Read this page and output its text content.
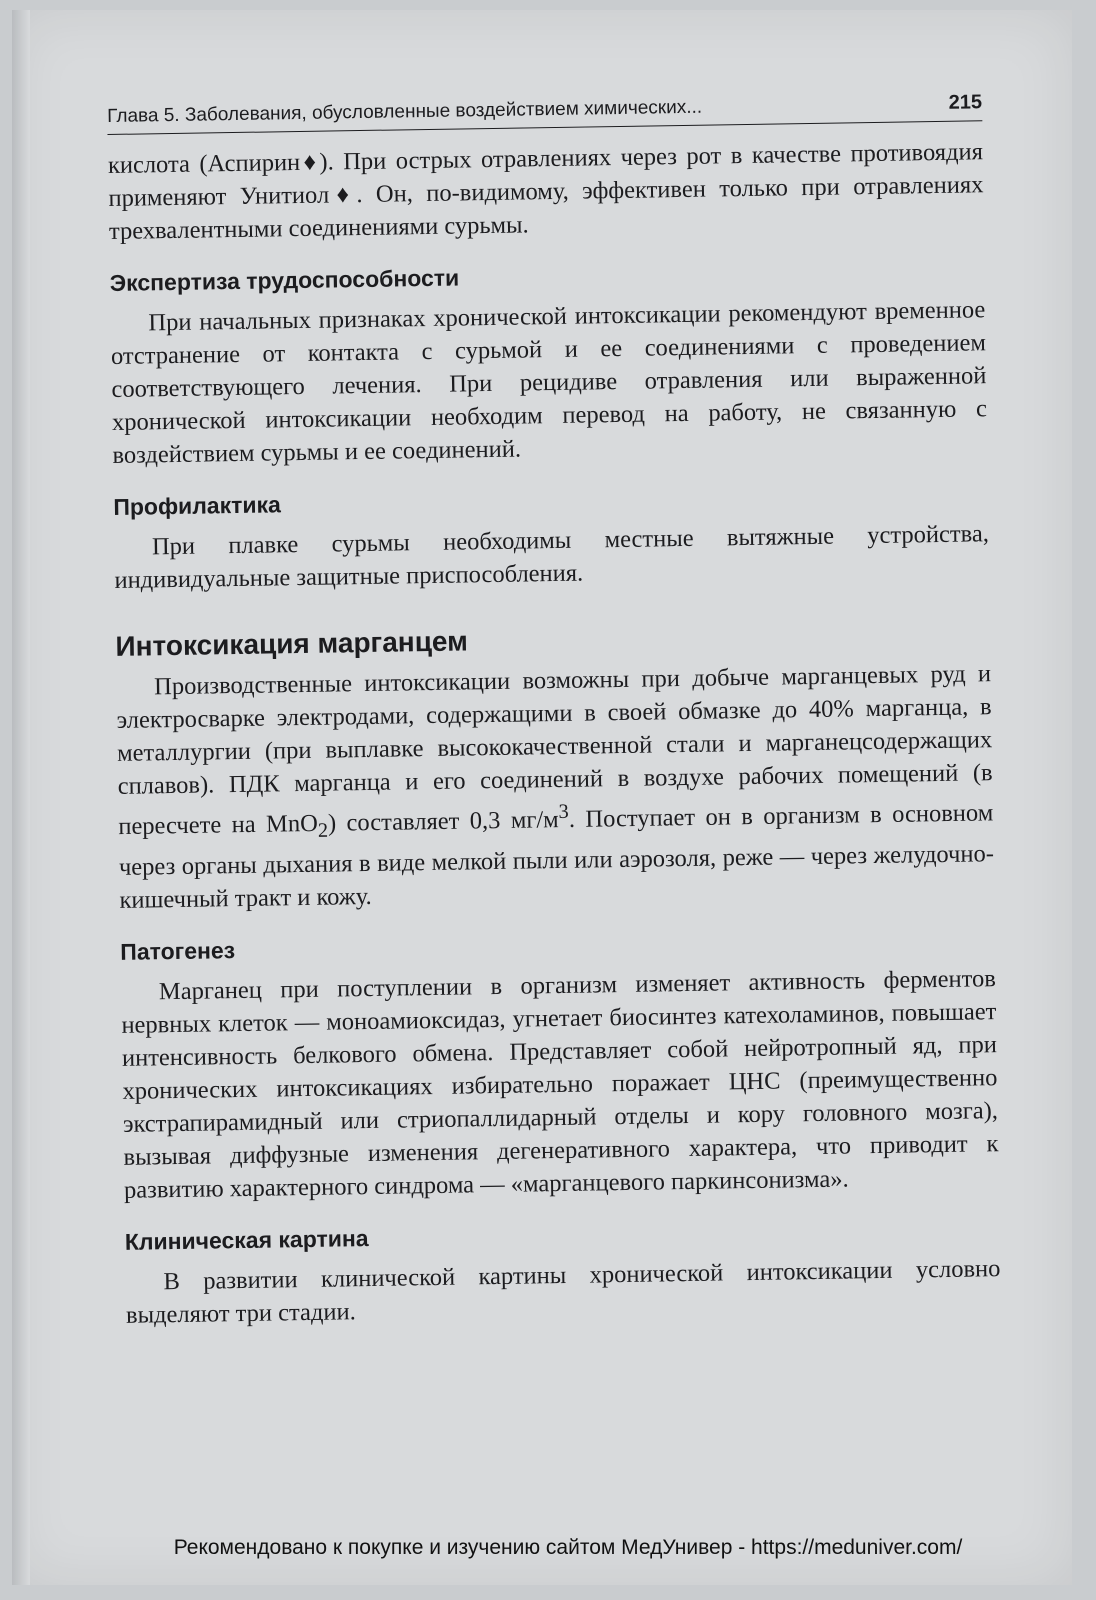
Глава 5. Заболевания, обусловленные воздействием химических...	215

кислота (Аспирин♦). При острых отравлениях через рот в качестве противоядия применяют Унитиол♦. Он, по-видимому, эффективен только при отравлениях трехвалентными соединениями сурьмы.

Экспертиза трудоспособности

При начальных признаках хронической интоксикации рекомендуют временное отстранение от контакта с сурьмой и ее соединениями с проведением соответствующего лечения. При рецидиве отравления или выраженной хронической интоксикации необходим перевод на работу, не связанную с воздействием сурьмы и ее соединений.

Профилактика

При плавке сурьмы необходимы местные вытяжные устройства, индивидуальные защитные приспособления.

Интоксикация марганцем

Производственные интоксикации возможны при добыче марганцевых руд и электросварке электродами, содержащими в своей обмазке до 40% марганца, в металлургии (при выплавке высококачественной стали и марганецсодержащих сплавов). ПДК марганца и его соединений в воздухе рабочих помещений (в пересчете на MnO$_2$) составляет 0,3 $мг/м^3$. Поступает он в организм в основном через органы дыхания в виде мелкой пыли или аэрозоля, реже — через желудочно-кишечный тракт и кожу.

Патогенез

Марганец при поступлении в организм изменяет активность ферментов нервных клеток — моноамиоксидаз, угнетает биосинтез катехоламинов, повышает интенсивность белкового обмена. Представляет собой нейротропный яд, при хронических интоксикациях избирательно поражает ЦНС (преимущественно экстрапирамидный или стриопаллидарный отделы и кору головного мозга), вызывая диффузные изменения дегенеративного характера, что приводит к развитию характерного синдрома — «марганцевого паркинсонизма».

Клиническая картина

В развитии клинической картины хронической интоксикации условно выделяют три стадии.

Рекомендовано к покупке и изучению сайтом МедУнивер - https://meduniver.com/
